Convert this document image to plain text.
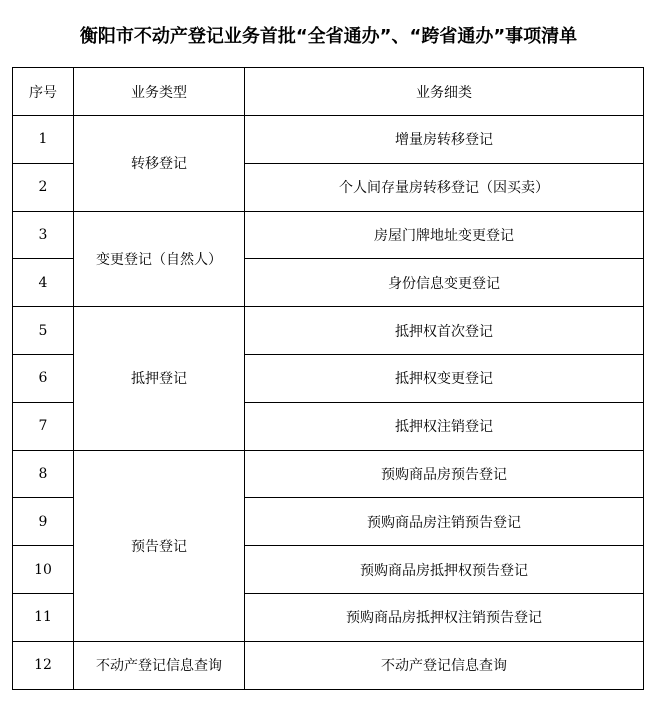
衡阳市不动产登记业务首批“全省通办”、“跨省通办”事项清单
序号	业务类型	业务细类
1	转移登记	增量房转移登记
2		个人间存量房转移登记（因买卖）
3	变更登记（自然人）	房屋门牌地址变更登记
4		身份信息变更登记
5	抵押登记	抵押权首次登记
6		抵押权变更登记
7		抵押权注销登记
8	预告登记	预购商品房预告登记
9		预购商品房注销预告登记
10		预购商品房抵押权预告登记
11		预购商品房抵押权注销预告登记
12	不动产登记信息查询	不动产登记信息查询
